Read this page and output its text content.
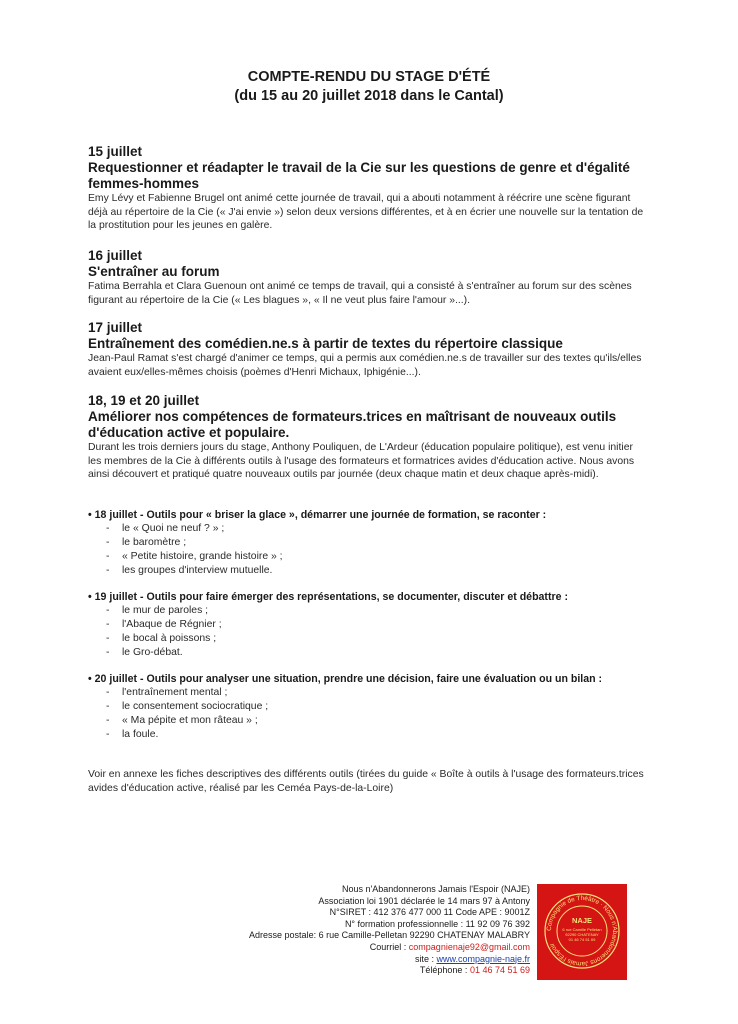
COMPTE-RENDU DU STAGE D'ÉTÉ
(du 15 au 20 juillet 2018 dans le Cantal)
15 juillet
Requestionner et réadapter le travail de la Cie sur les questions de genre et d'égalité femmes-hommes
Emy Lévy et Fabienne Brugel ont animé cette journée de travail, qui a abouti notamment à réécrire une scène figurant déjà au répertoire de la Cie (« J'ai envie ») selon deux versions différentes, et à en écrier une nouvelle sur la tentation de la prostitution pour les jeunes en galère.
16 juillet
S'entraîner au forum
Fatima Berrahla et Clara Guenoun ont animé ce temps de travail, qui a consisté à s'entraîner au forum sur des scènes figurant au répertoire de la Cie (« Les blagues », « Il ne veut plus faire l'amour »...).
17 juillet
Entraînement des comédien.ne.s à partir de textes du répertoire classique
Jean-Paul Ramat s'est chargé d'animer ce temps, qui a permis aux comédien.ne.s de travailler sur des textes qu'ils/elles avaient eux/elles-mêmes choisis (poèmes d'Henri Michaux, Iphigénie...).
18, 19 et 20 juillet
Améliorer nos compétences de formateurs.trices en maîtrisant de nouveaux outils d'éducation active et populaire.
Durant les trois derniers jours du stage, Anthony Pouliquen, de L'Ardeur (éducation populaire politique), est venu initier les membres de la Cie à différents outils à l'usage des formateurs et formatrices avides d'éducation active. Nous avons ainsi découvert et pratiqué quatre nouveaux outils par journée (deux chaque matin et deux chaque après-midi).
• 18 juillet - Outils pour « briser la glace », démarrer une journée de formation, se raconter :
- le « Quoi ne neuf ? » ;
- le baromètre ;
- « Petite histoire, grande histoire » ;
- les groupes d'interview mutuelle.
• 19 juillet - Outils pour faire émerger des représentations, se documenter, discuter et débattre :
- le mur de paroles ;
- l'Abaque de Régnier ;
- le bocal à poissons ;
- le Gro-débat.
• 20 juillet - Outils pour analyser une situation, prendre une décision, faire une évaluation ou un bilan :
- l'entraînement mental ;
- le consentement sociocratique ;
- « Ma pépite et mon râteau » ;
- la foule.
Voir en annexe les fiches descriptives des différents outils (tirées du guide « Boîte à outils à l'usage des formateurs.trices avides d'éducation active, réalisé par les Ceméa Pays-de-la-Loire)
Nous n'Abandonnerons Jamais l'Espoir (NAJE)
Association loi 1901 déclarée le 14 mars 97 à Antony
N°SIRET : 412 376 477 000 11 Code APE : 9001Z
N° formation professionnelle : 11 92 09 76 392
Adresse postale: 6 rue Camille-Pelletan 92290 CHATENAY MALABRY
Courriel : compagnienaje92@gmail.com
site : www.compagnie-naje.fr
Téléphone : 01 46 74 51 69
Compagnie de Théâtre · Nous n'Abandonnerons Jamais l'Espoir
NAJE
6 rue Camille Pelletan
92290 CHATENAY
01 46 74 51 69
